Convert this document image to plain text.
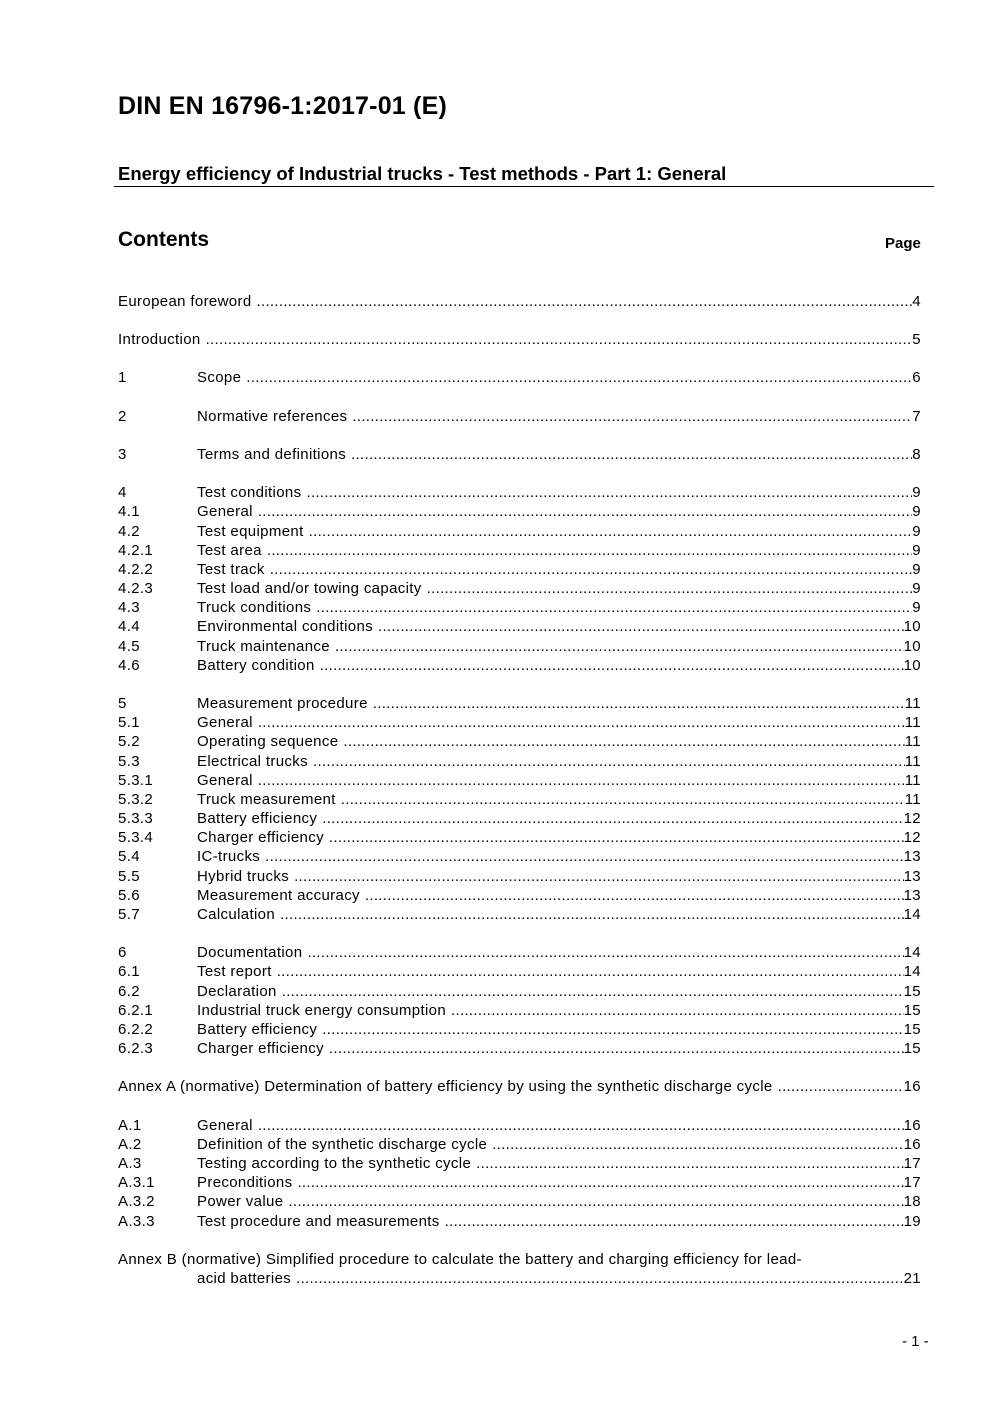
DIN EN 16796-1:2017-01 (E)
Energy efficiency of Industrial trucks - Test methods - Part 1: General
Contents	Page
European foreword .....	4
Introduction .....	5
1	Scope .....	6
2	Normative references .....	7
3	Terms and definitions .....	8
4	Test conditions .....	9
4.1	General .....	9
4.2	Test equipment .....	9
4.2.1	Test area .....	9
4.2.2	Test track .....	9
4.2.3	Test load and/or towing capacity .....	9
4.3	Truck conditions .....	9
4.4	Environmental conditions .....	10
4.5	Truck maintenance .....	10
4.6	Battery condition .....	10
5	Measurement procedure .....	11
5.1	General .....	11
5.2	Operating sequence .....	11
5.3	Electrical trucks .....	11
5.3.1	General .....	11
5.3.2	Truck measurement .....	11
5.3.3	Battery efficiency .....	12
5.3.4	Charger efficiency .....	12
5.4	IC-trucks .....	13
5.5	Hybrid trucks .....	13
5.6	Measurement accuracy .....	13
5.7	Calculation .....	14
6	Documentation .....	14
6.1	Test report .....	14
6.2	Declaration .....	15
6.2.1	Industrial truck energy consumption .....	15
6.2.2	Battery efficiency .....	15
6.2.3	Charger efficiency .....	15
Annex A (normative) Determination of battery efficiency by using the synthetic discharge cycle .....	16
A.1	General .....	16
A.2	Definition of the synthetic discharge cycle .....	16
A.3	Testing according to the synthetic cycle .....	17
A.3.1	Preconditions .....	17
A.3.2	Power value .....	18
A.3.3	Test procedure and measurements .....	19
Annex B (normative) Simplified procedure to calculate the battery and charging efficiency for lead-
acid batteries .....	21
- 1 -
